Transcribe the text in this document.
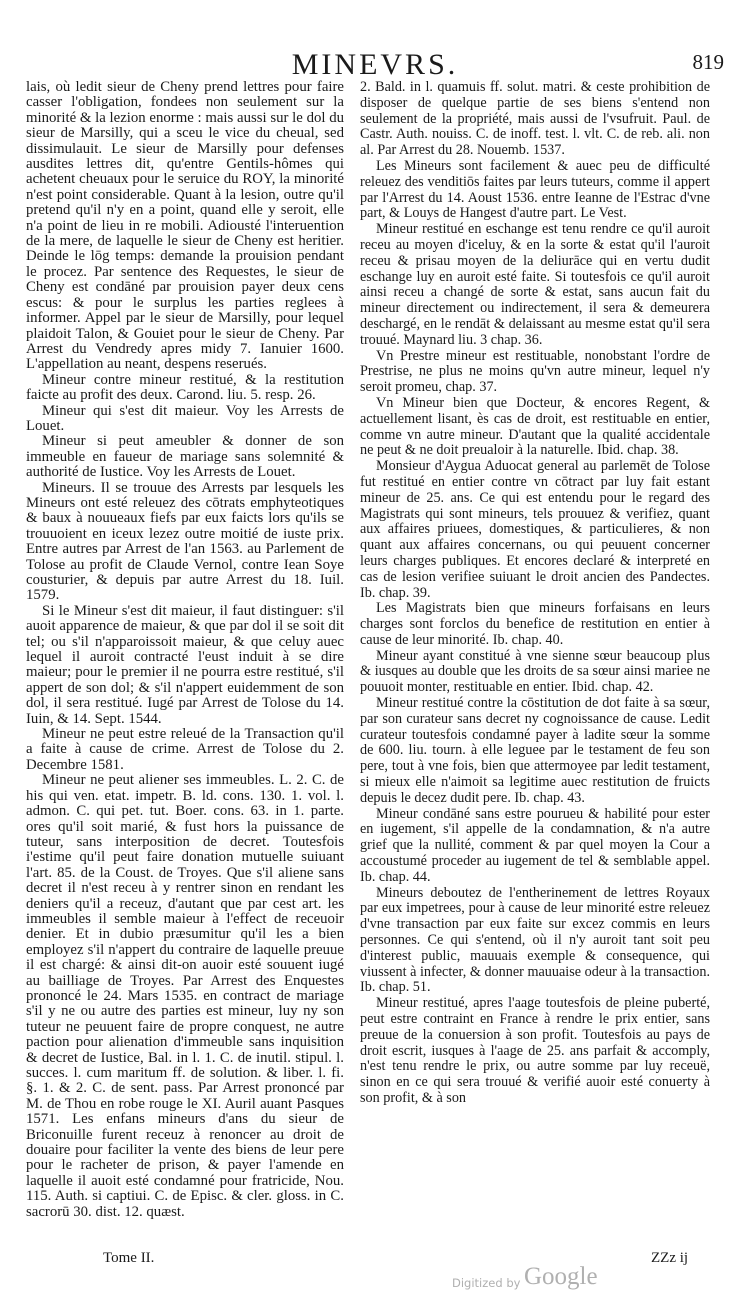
MINEVRS.	819

lais, où ledit sieur de Cheny prend lettres pour faire casser l'obligation, fondees non seulement sur la minorité & la lezion enorme : mais aussi sur le dol du sieur de Marsilly, qui a sceu le vice du cheual, sed dissimulauit. Le sieur de Marsilly pour defenses ausdites lettres dit, qu'entre Gentils-hômes qui achetent cheuaux pour le seruice du ROY, la minorité n'est point considerable. Quant à la lesion, outre qu'il pretend qu'il n'y en a point, quand elle y seroit, elle n'a point de lieu in re mobili. Adiousté l'interuention de la mere, de laquelle le sieur de Cheny est heritier. Deinde le lōg temps: demande la prouision pendant le procez. Par sentence des Requestes, le sieur de Cheny est condāné par prouision payer deux cens escus: & pour le surplus les parties reglees à informer. Appel par le sieur de Marsilly, pour lequel plaidoit Talon, & Gouiet pour le sieur de Cheny. Par Arrest du Vendredy apres midy 7. Ianuier 1600. L'appellation au neant, despens reserués.

Mineur contre mineur restitué, & la restitution faicte au profit des deux. Carond. liu. 5. resp. 26.

Mineur qui s'est dit maieur. Voy les Arrests de Louet.

Mineur si peut ameubler & donner de son immeuble en faueur de mariage sans solemnité & authorité de Iustice. Voy les Arrests de Louet.

Mineurs. Il se trouue des Arrests par lesquels les Mineurs ont esté releuez des cōtrats emphyteotiques & baux à nouueaux fiefs par eux faicts lors qu'ils se trouuoient en iceux lezez outre moitié de iuste prix. Entre autres par Arrest de l'an 1563. au Parlement de Tolose au profit de Claude Vernol, contre Iean Soye cousturier, & depuis par autre Arrest du 18. Iuil. 1579.

Si le Mineur s'est dit maieur, il faut distinguer: s'il auoit apparence de maieur, & que par dol il se soit dit tel; ou s'il n'apparoissoit maieur, & que celuy auec lequel il auroit contracté l'eust induit à se dire maieur; pour le premier il ne pourra estre restitué, s'il appert de son dol; & s'il n'appert euidemment de son dol, il sera restitué. Iugé par Arrest de Tolose du 14. Iuin, & 14. Sept. 1544.

Mineur ne peut estre releué de la Transaction qu'il a faite à cause de crime. Arrest de Tolose du 2. Decembre 1581.

Mineur ne peut aliener ses immeubles. L. 2. C. de his qui ven. etat. impetr. B. ld. cons. 130. 1. vol. l. admon. C. qui pet. tut. Boer. cons. 63. in 1. parte. ores qu'il soit marié, & fust hors la puissance de tuteur, sans interposition de decret. Toutesfois i'estime qu'il peut faire donation mutuelle suiuant l'art. 85. de la Coust. de Troyes. Que s'il aliene sans decret il n'est receu à y rentrer sinon en rendant les deniers qu'il a receuz, d'autant que par cest art. les immeubles il semble maieur à l'effect de receuoir denier. Et in dubio præsumitur qu'il les a bien employez s'il n'appert du contraire de laquelle preuue il est chargé: & ainsi dit-on auoir esté souuent iugé au bailliage de Troyes. Par Arrest des Enquestes prononcé le 24. Mars 1535. en contract de mariage s'il y ne ou autre des parties est mineur, luy ny son tuteur ne peuuent faire de propre conquest, ne autre paction pour alienation d'immeuble sans inquisition & decret de Iustice, Bal. in l. 1. C. de inutil. stipul. l. succes. l. cum maritum ff. de solution. & liber. l. fi. §. 1. & 2. C. de sent. pass. Par Arrest prononcé par M. de Thou en robe rouge le XI. Auril auant Pasques 1571. Les enfans mineurs d'ans du sieur de Briconuille furent receuz à renoncer au droit de douaire pour faciliter la vente des biens de leur pere pour le racheter de prison, & payer l'amende en laquelle il auoit esté condamné pour fratricide, Nou. 115. Auth. si captiui. C. de Episc. & cler. gloss. in C. sacrorū 30. dist. 12. quæst.

2. Bald. in l. quamuis ff. solut. matri. & ceste prohibition de disposer de quelque partie de ses biens s'entend non seulement de la propriété, mais aussi de l'vsufruit. Paul. de Castr. Auth. nouiss. C. de inoff. test. l. vlt. C. de reb. ali. non al. Par Arrest du 28. Nouemb. 1537.

Les Mineurs sont facilement & auec peu de difficulté releuez des venditiōs faites par leurs tuteurs, comme il appert par l'Arrest du 14. Aoust 1536. entre Ieanne de l'Estrac d'vne part, & Louys de Hangest d'autre part. Le Vest.

Mineur restitué en eschange est tenu rendre ce qu'il auroit receu au moyen d'iceluy, & en la sorte & estat qu'il l'auroit receu & prisau moyen de la deliurāce qui en vertu dudit eschange luy en auroit esté faite. Si toutesfois ce qu'il auroit ainsi receu a changé de sorte & estat, sans aucun fait du mineur directement ou indirectement, il sera & demeurera deschargé, en le rendāt & delaissant au mesme estat qu'il sera trouué. Maynard liu. 3 chap. 36.

Vn Prestre mineur est restituable, nonobstant l'ordre de Prestrise, ne plus ne moins qu'vn autre mineur, lequel n'y seroit promeu, chap. 37.

Vn Mineur bien que Docteur, & encores Regent, & actuellement lisant, ès cas de droit, est restituable en entier, comme vn autre mineur. D'autant que la qualité accidentale ne peut & ne doit preualoir à la naturelle. Ibid. chap. 38.

Monsieur d'Aygua Aduocat general au parlemēt de Tolose fut restitué en entier contre vn cōtract par luy fait estant mineur de 25. ans. Ce qui est entendu pour le regard des Magistrats qui sont mineurs, tels prouuez & verifiez, quant aux affaires priuees, domestiques, & particulieres, & non quant aux affaires concernans, ou qui peuuent concerner leurs charges publiques. Et encores declaré & interpreté en cas de lesion verifiee suiuant le droit ancien des Pandectes. Ib. chap. 39.

Les Magistrats bien que mineurs forfaisans en leurs charges sont forclos du benefice de restitution en entier à cause de leur minorité. Ib. chap. 40.

Mineur ayant constitué à vne sienne sœur beaucoup plus & iusques au double que les droits de sa sœur ainsi mariee ne pouuoit monter, restituable en entier. Ibid. chap. 42.

Mineur restitué contre la cōstitution de dot faite à sa sœur, par son curateur sans decret ny cognoissance de cause. Ledit curateur toutesfois condamné payer à ladite sœur la somme de 600. liu. tourn. à elle leguee par le testament de feu son pere, tout à vne fois, bien que attermoyee par ledit testament, si mieux elle n'aimoit sa legitime auec restitution de fruicts depuis le decez dudit pere. Ib. chap. 43.

Mineur condāné sans estre pourueu & habilité pour ester en iugement, s'il appelle de la condamnation, & n'a autre grief que la nullité, comment & par quel moyen la Cour a accoustumé proceder au iugement de tel & semblable appel. Ib. chap. 44.

Mineurs deboutez de l'entherinement de lettres Royaux par eux impetrees, pour à cause de leur minorité estre releuez d'vne transaction par eux faite sur excez commis en leurs personnes. Ce qui s'entend, où il n'y auroit tant soit peu d'interest public, mauuais exemple & consequence, qui viussent à infecter, & donner mauuaise odeur à la transaction. Ib. chap. 51.

Mineur restitué, apres l'aage toutesfois de pleine puberté, peut estre contraint en France à rendre le prix entier, sans preuue de la conuersion à son profit. Toutesfois au pays de droit escrit, iusques à l'aage de 25. ans parfait & accomply, n'est tenu rendre le prix, ou autre somme par luy receuë, sinon en ce qui sera trouué & verifié auoir esté conuerty à son profit, & à son

Tome II.	ZZz ij
Digitized by Google
